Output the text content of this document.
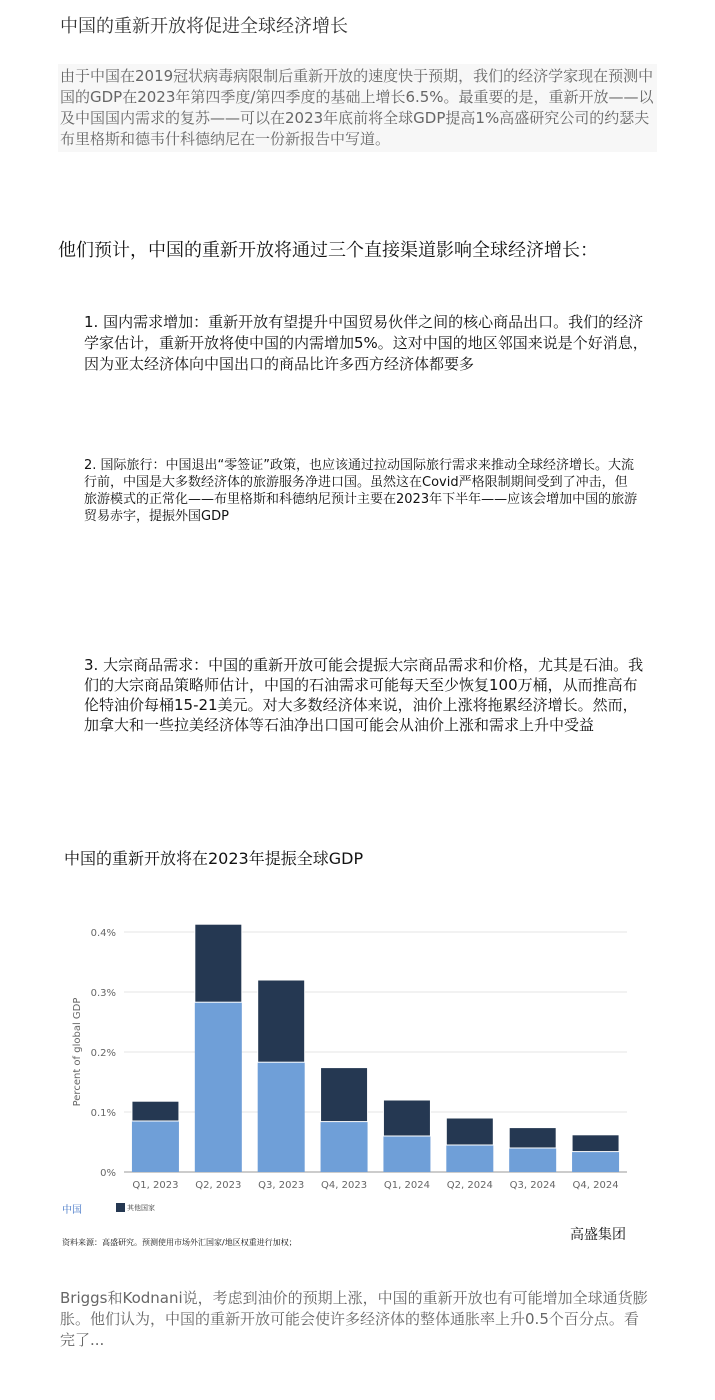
中国的重新开放将促进全球经济增长
由于中国在2019冠状病毒病限制后重新开放的速度快于预期，我们的经济学家现在预测中国的GDP在2023年第四季度/第四季度的基础上增长6.5%。最重要的是，重新开放——以及中国国内需求的复苏——可以在2023年底前将全球GDP提高1%高盛研究公司的约瑟夫布里格斯和德韦什科德纳尼在一份新报告中写道。
他们预计，中国的重新开放将通过三个直接渠道影响全球经济增长：
1. 国内需求增加：重新开放有望提升中国贸易伙伴之间的核心商品出口。我们的经济学家估计，重新开放将使中国的内需增加5%。这对中国的地区邻国来说是个好消息，因为亚太经济体向中国出口的商品比许多西方经济体都要多
2. 国际旅行：中国退出“零签证”政策，也应该通过拉动国际旅行需求来推动全球经济增长。大流行前，中国是大多数经济体的旅游服务净进口国。虽然这在Covid严格限制期间受到了冲击，但旅游模式的正常化——布里格斯和科德纳尼预计主要在2023年下半年——应该会增加中国的旅游贸易赤字，提振外国GDP
3. 大宗商品需求：中国的重新开放可能会提振大宗商品需求和价格，尤其是石油。我们的大宗商品策略师估计，中国的石油需求可能每天至少恢复100万桶，从而推高布伦特油价每桶15-21美元。对大多数经济体来说，油价上涨将拖累经济增长。然而，加拿大和一些拉美经济体等石油净出口国可能会从油价上涨和需求上升中受益
中国的重新开放将在2023年提振全球GDP
0%
0.1%
0.2%
0.3%
0.4%
Percent of global GDP
Q1, 2023 Q2, 2023 Q3, 2023 Q4, 2023 Q1, 2024 Q2, 2024 Q3, 2024 Q4, 2024
中国	其他国家
资料来源：高盛研究。预测使用市场外汇国家/地区权重进行加权；	高盛集团
Briggs和Kodnani说，考虑到油价的预期上涨，中国的重新开放也有可能增加全球通货膨胀。他们认为，中国的重新开放可能会使许多经济体的整体通胀率上升0.5个百分点。看完了...
